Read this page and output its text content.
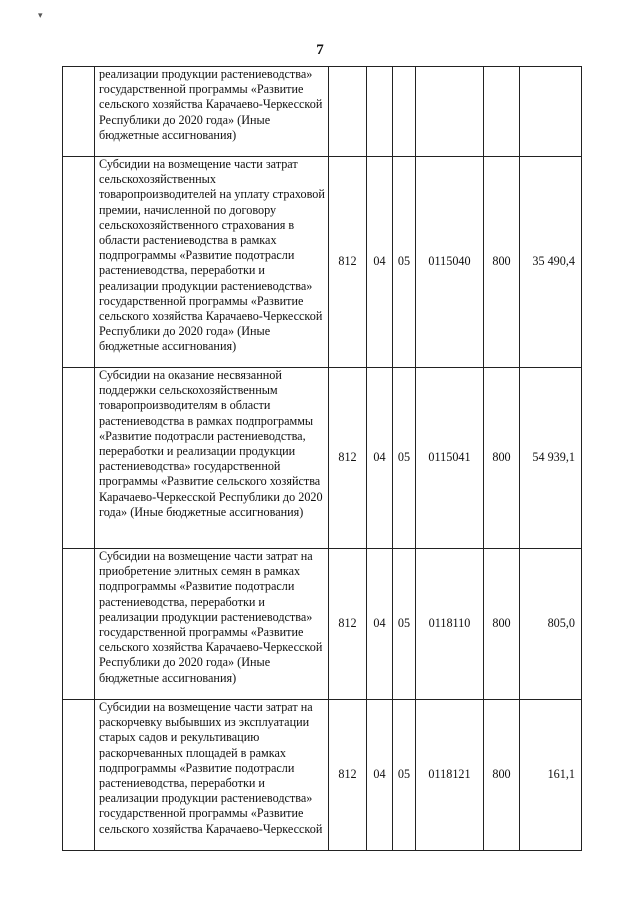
▾
7
	реализации продукции растениеводства» государственной программы «Развитие сельского хозяйства Карачаево-Черкесской Республики до 2020 года» (Иные бюджетные ассигнования)						
	Субсидии на возмещение части затрат сельскохозяйственных товаропроизводителей на уплату страховой премии, начисленной по договору сельскохозяйственного страхования в области растениеводства в рамках подпрограммы «Развитие подотрасли растениеводства, переработки и реализации продукции растениеводства» государственной программы «Развитие сельского хозяйства Карачаево-Черкесской Республики до 2020 года» (Иные бюджетные ассигнования)	812	04	05	0115040	800	35 490,4
	Субсидии на оказание несвязанной поддержки сельскохозяйственным товаропроизводителям в области растениеводства в рамках подпрограммы «Развитие подотрасли растениеводства, переработки и реализации продукции растениеводства» государственной программы «Развитие сельского хозяйства Карачаево-Черкесской Республики до 2020 года» (Иные бюджетные ассигнования)	812	04	05	0115041	800	54 939,1
	Субсидии на возмещение части затрат на приобретение элитных семян в рамках подпрограммы «Развитие подотрасли растениеводства, переработки и реализации продукции растениеводства» государственной программы «Развитие сельского хозяйства Карачаево-Черкесской Республики до 2020 года» (Иные бюджетные ассигнования)	812	04	05	0118110	800	805,0
	Субсидии на возмещение части затрат на раскорчевку выбывших из эксплуатации старых садов и рекультивацию раскорчеванных площадей в рамках подпрограммы «Развитие подотрасли растениеводства, переработки и реализации продукции растениеводства» государственной программы «Развитие сельского хозяйства Карачаево-Черкесской	812	04	05	0118121	800	161,1
